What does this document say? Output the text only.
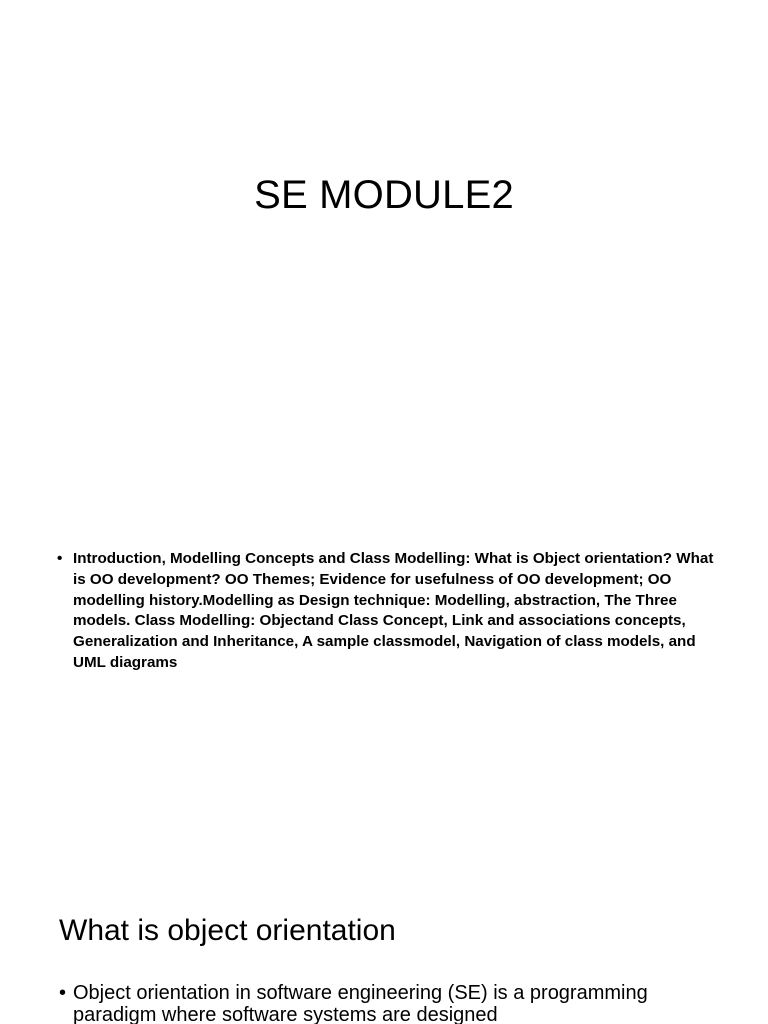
SE MODULE2
• Introduction, Modelling Concepts and Class Modelling: What is Object orientation? What is OO development? OO Themes; Evidence for usefulness of OO development; OO modelling history.Modelling as Design technique: Modelling, abstraction, The Three models. Class Modelling: Objectand Class Concept, Link and associations concepts, Generalization and Inheritance, A sample classmodel, Navigation of class models, and UML diagrams
What is object orientation
• Object orientation in software engineering (SE) is a programming paradigm where software systems are designed
